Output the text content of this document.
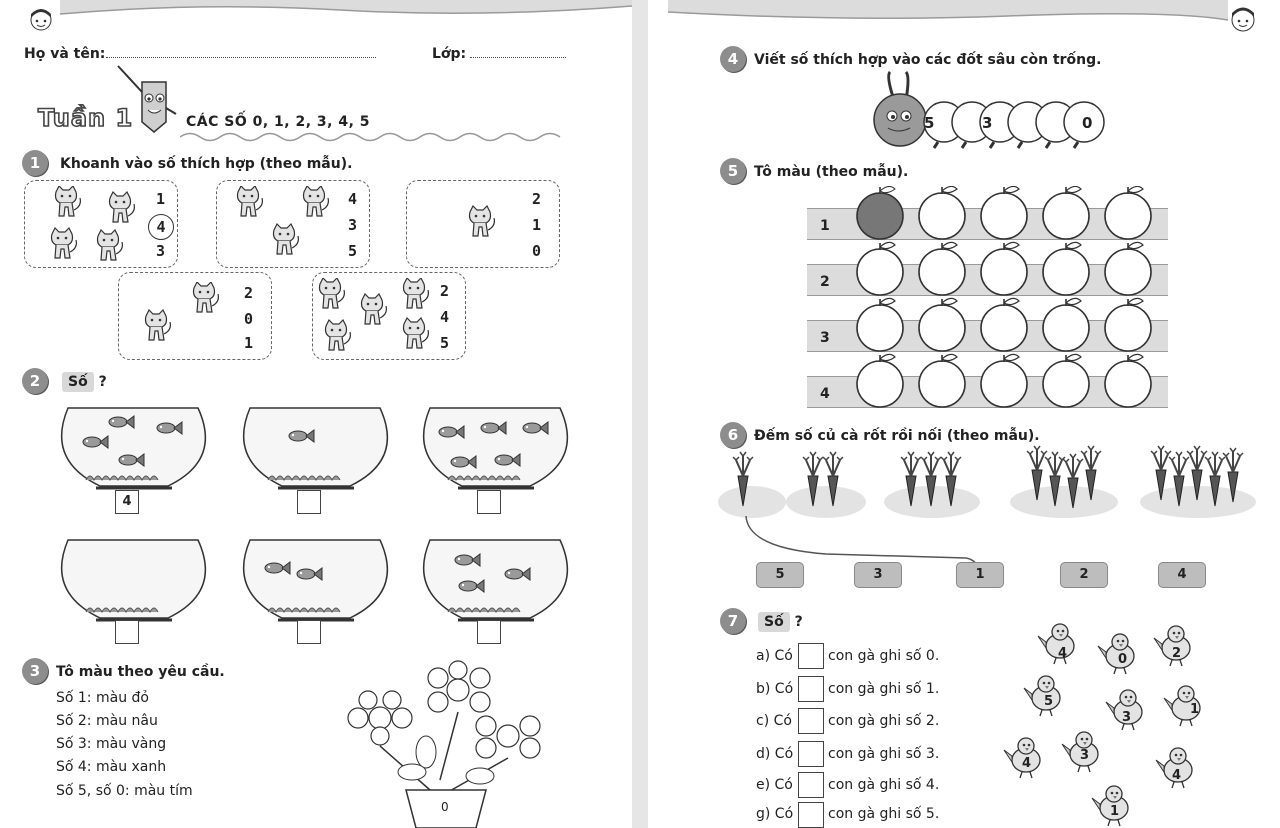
Họ và tên:	Lớp:
Tuần 1	CÁC SỐ 0, 1, 2, 3, 4, 5
1	Khoanh vào số thích hợp (theo mẫu).
1
4
3
4
3
5
2
1
0
2
0
1
2
4
5
2	Số ?
4
3	Tô màu theo yêu cầu.
Số 1: màu đỏ
Số 2: màu nâu
Số 3: màu vàng
Số 4: màu xanh
Số 5, số 0: màu tím
0
4	Viết số thích hợp vào các đốt sâu còn trống.
5	3	0
5	Tô màu (theo mẫu).
1
2
3
4
6	Đếm số củ cà rốt rồi nối (theo mẫu).
5	3	1	2	4
7	Số ?
a) Có	con gà ghi số 0.
b) Có con gà ghi số 1.
c) Có	con gà ghi số 2.
d) Có con gà ghi số 3.
e) Có	con gà ghi số 4.
g) Có con gà ghi số 5.
4	0	2
5
3
1
4
3
4
1
